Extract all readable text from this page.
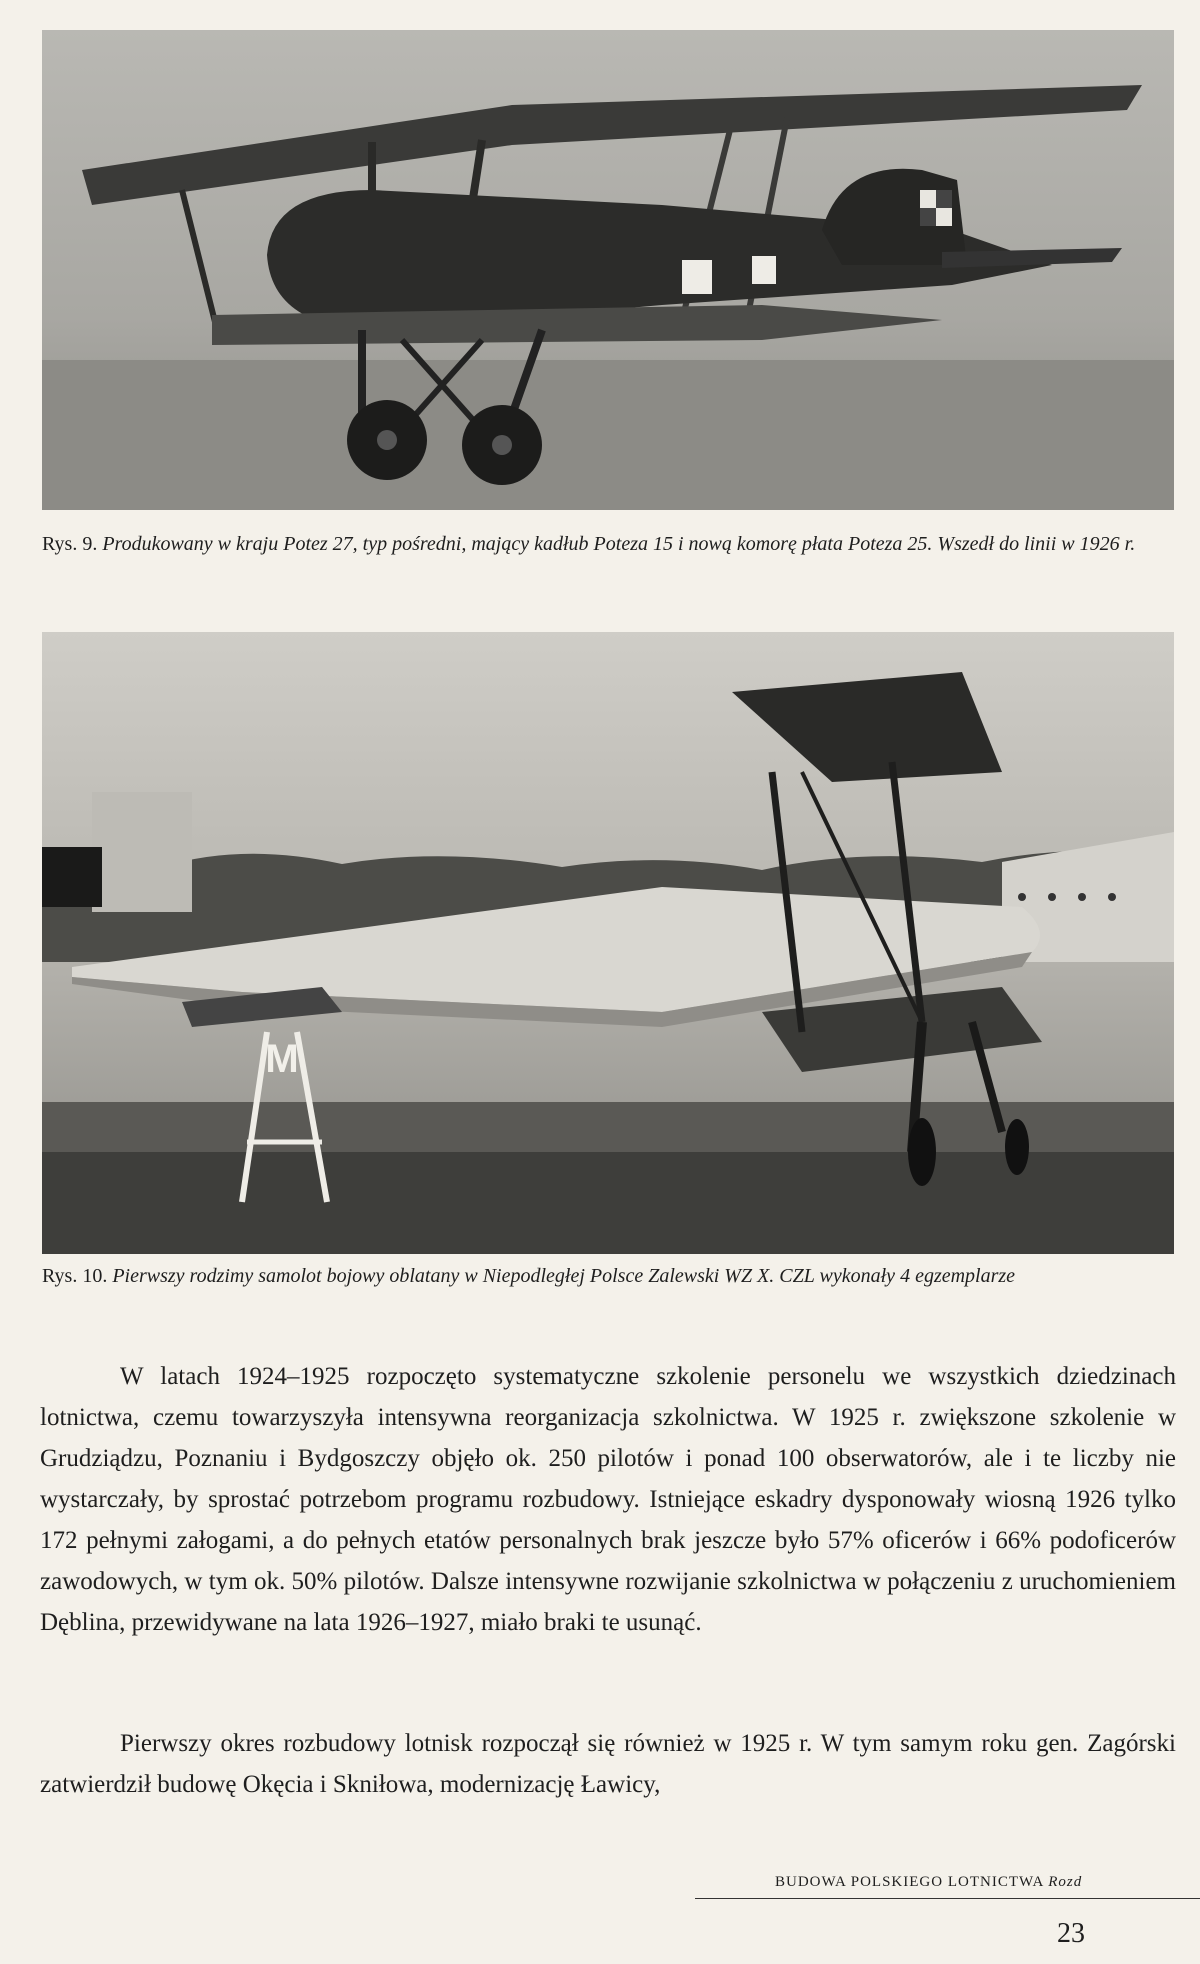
Rys. 9. Produkowany w kraju Potez 27, typ pośredni, mający kadłub Poteza 15 i nową komorę płata Poteza 25. Wszedł do linii w 1926 r.

M

Rys. 10. Pierwszy rodzimy samolot bojowy oblatany w Niepodległej Polsce Zalewski WZ X. CZL wykonały 4 egzemplarze

W latach 1924–1925 rozpoczęto systematyczne szkolenie personelu we wszystkich dziedzinach lotnictwa, czemu towarzyszyła intensywna reorganizacja szkolnictwa. W 1925 r. zwiększone szkolenie w Grudziądzu, Poznaniu i Bydgoszczy objęło ok. 250 pilotów i ponad 100 obserwatorów, ale i te liczby nie wystarczały, by sprostać potrzebom programu rozbudowy. Istniejące eskadry dysponowały wiosną 1926 tylko 172 pełnymi załogami, a do pełnych etatów personalnych brak jeszcze było 57% oficerów i 66% podoficerów zawodowych, w tym ok. 50% pilotów. Dalsze intensywne rozwijanie szkolnictwa w połączeniu z uruchomieniem Dęblina, przewidywane na lata 1926–1927, miało braki te usunąć.

Pierwszy okres rozbudowy lotnisk rozpoczął się również w 1925 r. W tym samym roku gen. Zagórski zatwierdził budowę Okęcia i Skniłowa, modernizację Ławicy,

BUDOWA POLSKIEGO LOTNICTWA Rozd
23
